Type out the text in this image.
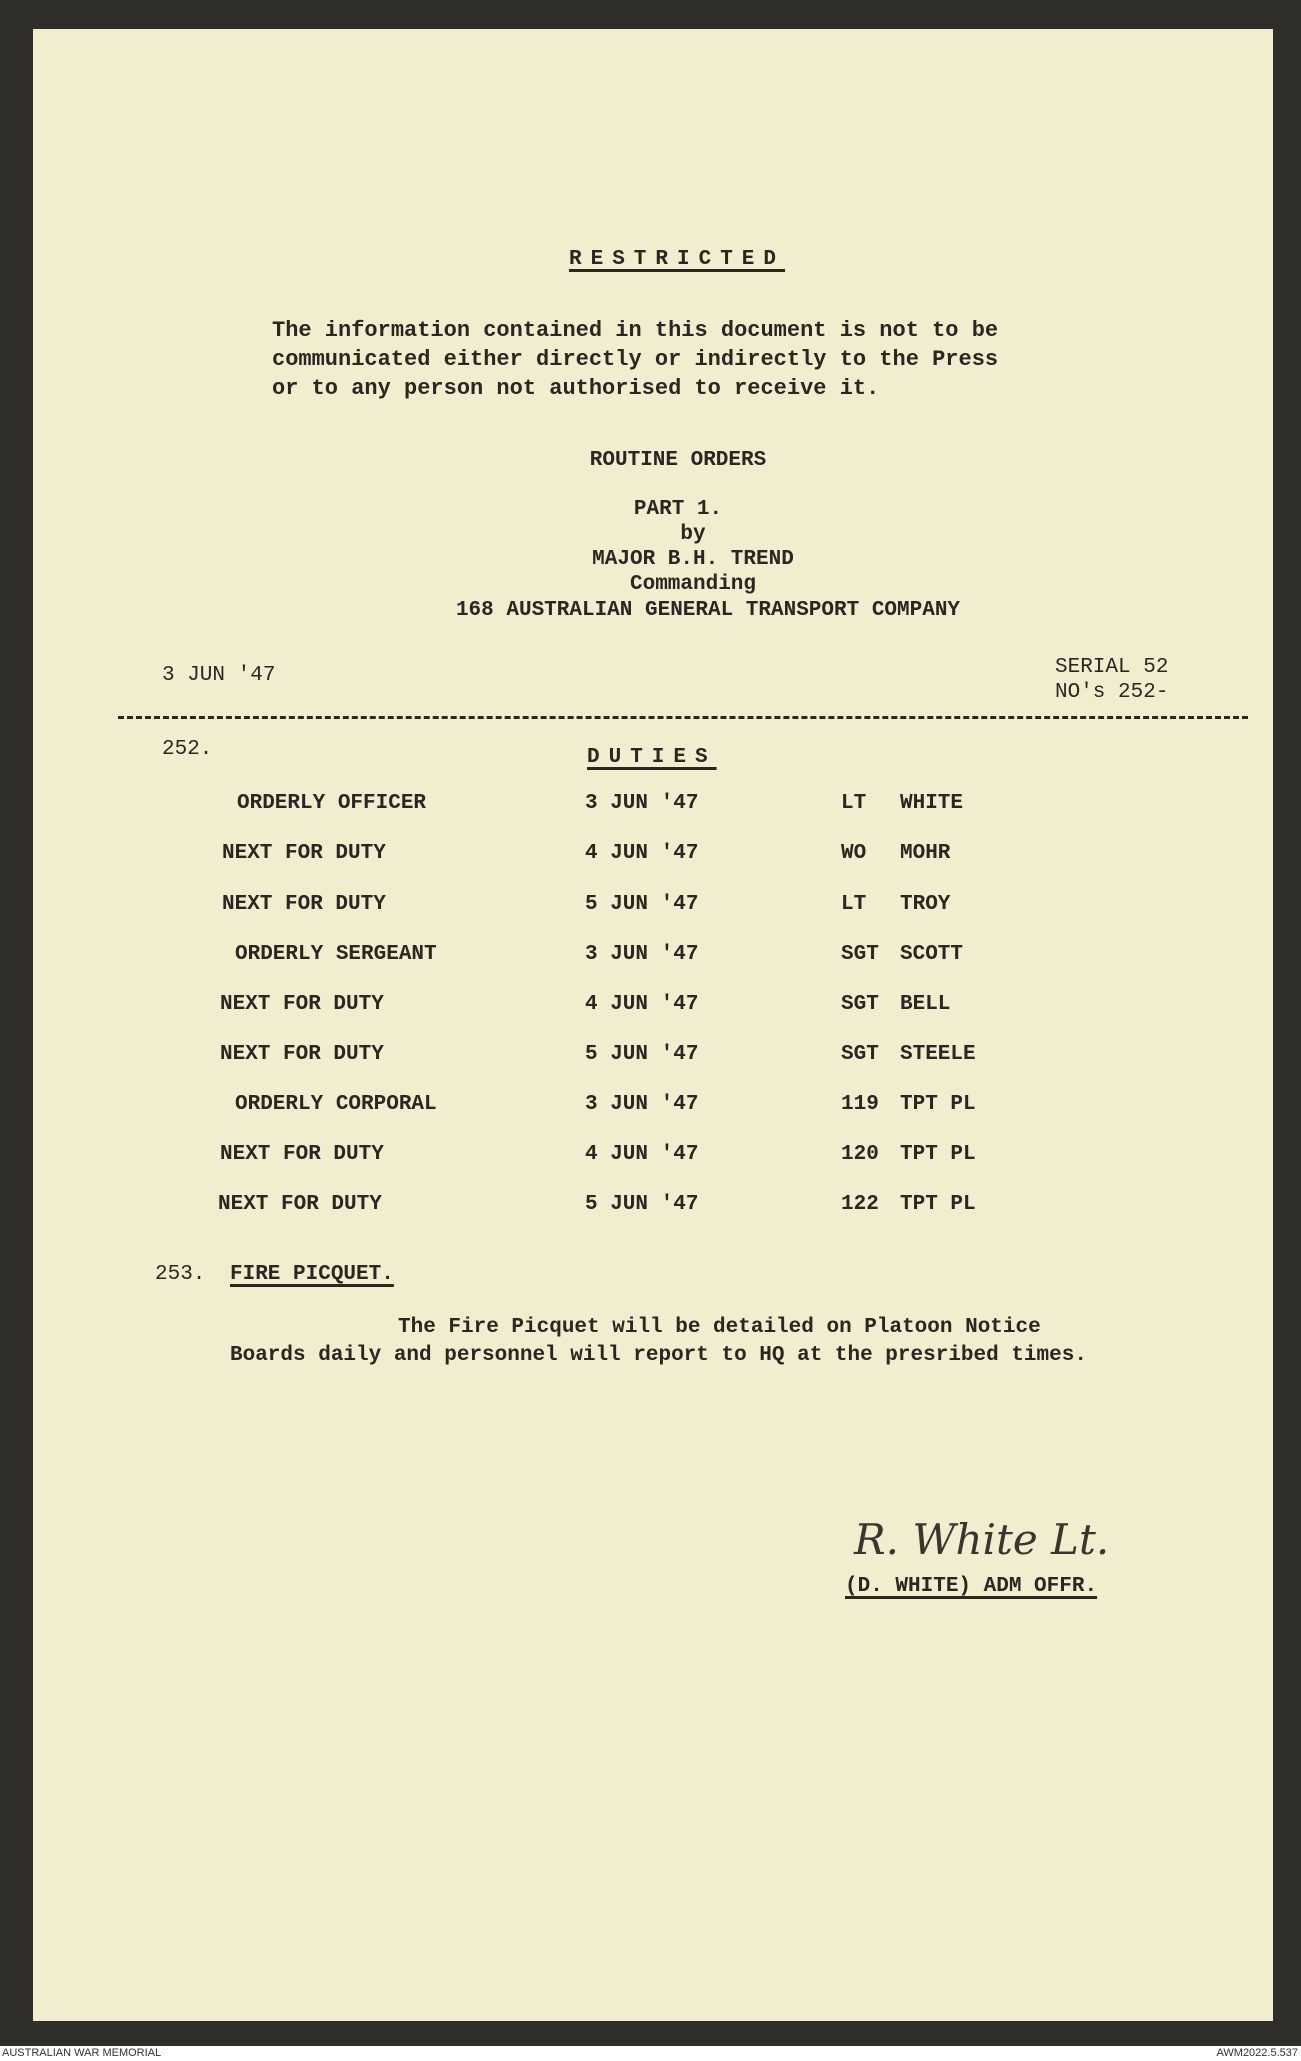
RESTRICTED
The information contained in this document is not to be
communicated either directly or indirectly to the Press
or to any person not authorised to receive it.
ROUTINE ORDERS
PART 1.
by
MAJOR B.H. TREND
Commanding
168 AUSTRALIAN GENERAL TRANSPORT COMPANY
3 JUN '47	SERIAL 52
NO's 252-
252.	DUTIES
ORDERLY OFFICER	3 JUN '47	LT WHITE
NEXT FOR DUTY	4 JUN '47	WO MOHR
NEXT FOR DUTY	5 JUN '47	LT TROY
ORDERLY SERGEANT	3 JUN '47	SGT SCOTT
NEXT FOR DUTY	4 JUN '47	SGT BELL
NEXT FOR DUTY	5 JUN '47	SGT STEELE
ORDERLY CORPORAL	3 JUN '47	119 TPT PL
NEXT FOR DUTY	4 JUN '47	120 TPT PL
NEXT FOR DUTY	5 JUN '47	122 TPT PL
253. FIRE PICQUET.
The Fire Picquet will be detailed on Platoon Notice
Boards daily and personnel will report to HQ at the presribed times.
R. White Lt.
(D. WHITE) ADM OFFR.
AUSTRALIAN WAR MEMORIAL	AWM2022.5.537
